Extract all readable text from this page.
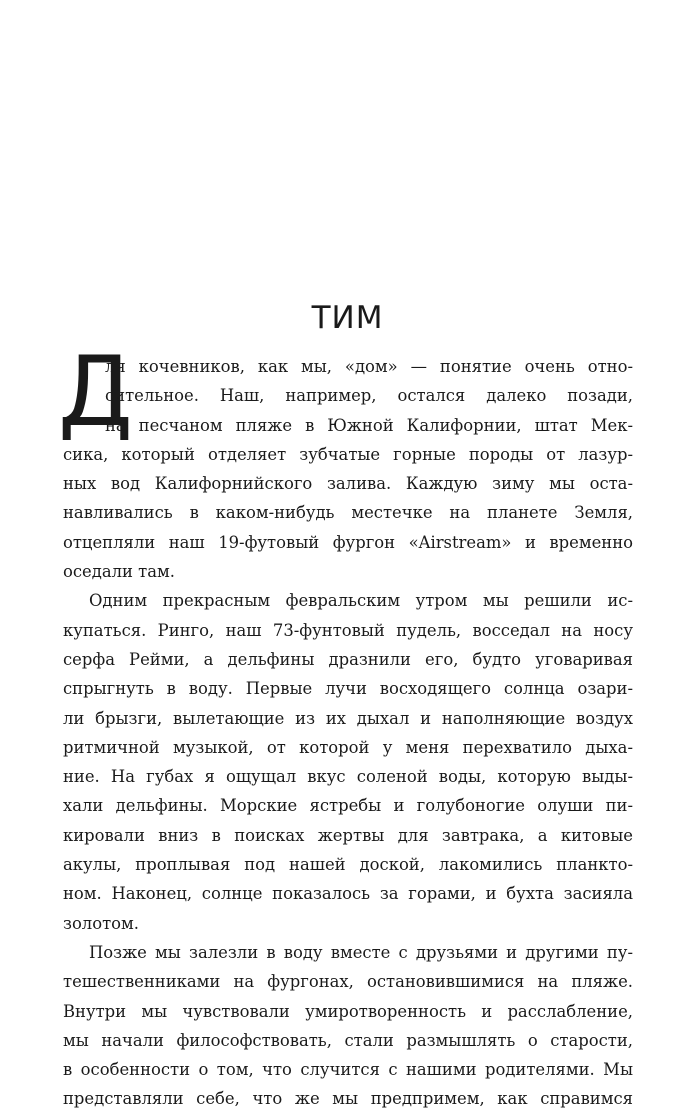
ТИМ
Д
ля кочевников, как мы, «дом» — понятие очень отно-
сительное. Наш, например, остался далеко позади,
на песчаном пляже в Южной Калифорнии, штат Мек-
сика, который отделяет зубчатые горные породы от лазур-
ных вод Калифорнийского залива. Каждую зиму мы оста-
навливались в каком-нибудь местечке на планете Земля,
отцепляли наш 19-футовый фургон «Airstream» и временно
оседали там.
Одним прекрасным февральским утром мы решили ис-
купаться. Ринго, наш 73-фунтовый пудель, восседал на носу
серфа Рейми, а дельфины дразнили его, будто уговаривая
спрыгнуть в воду. Первые лучи восходящего солнца озари-
ли брызги, вылетающие из их дыхал и наполняющие воздух
ритмичной музыкой, от которой у меня перехватило дыха-
ние. На губах я ощущал вкус соленой воды, которую выды-
хали дельфины. Морские ястребы и голубоногие олуши пи-
кировали вниз в поисках жертвы для завтрака, а китовые
акулы, проплывая под нашей доской, лакомились планкто-
ном. Наконец, солнце показалось за горами, и бухта засияла
золотом.
Позже мы залезли в воду вместе с друзьями и другими пу-
тешественниками на фургонах, остановившимися на пляже.
Внутри мы чувствовали умиротворенность и расслабление,
мы начали философствовать, стали размышлять о старости,
в особенности о том, что случится с нашими родителями. Мы
представляли себе, что же мы предпримем, как справимся
